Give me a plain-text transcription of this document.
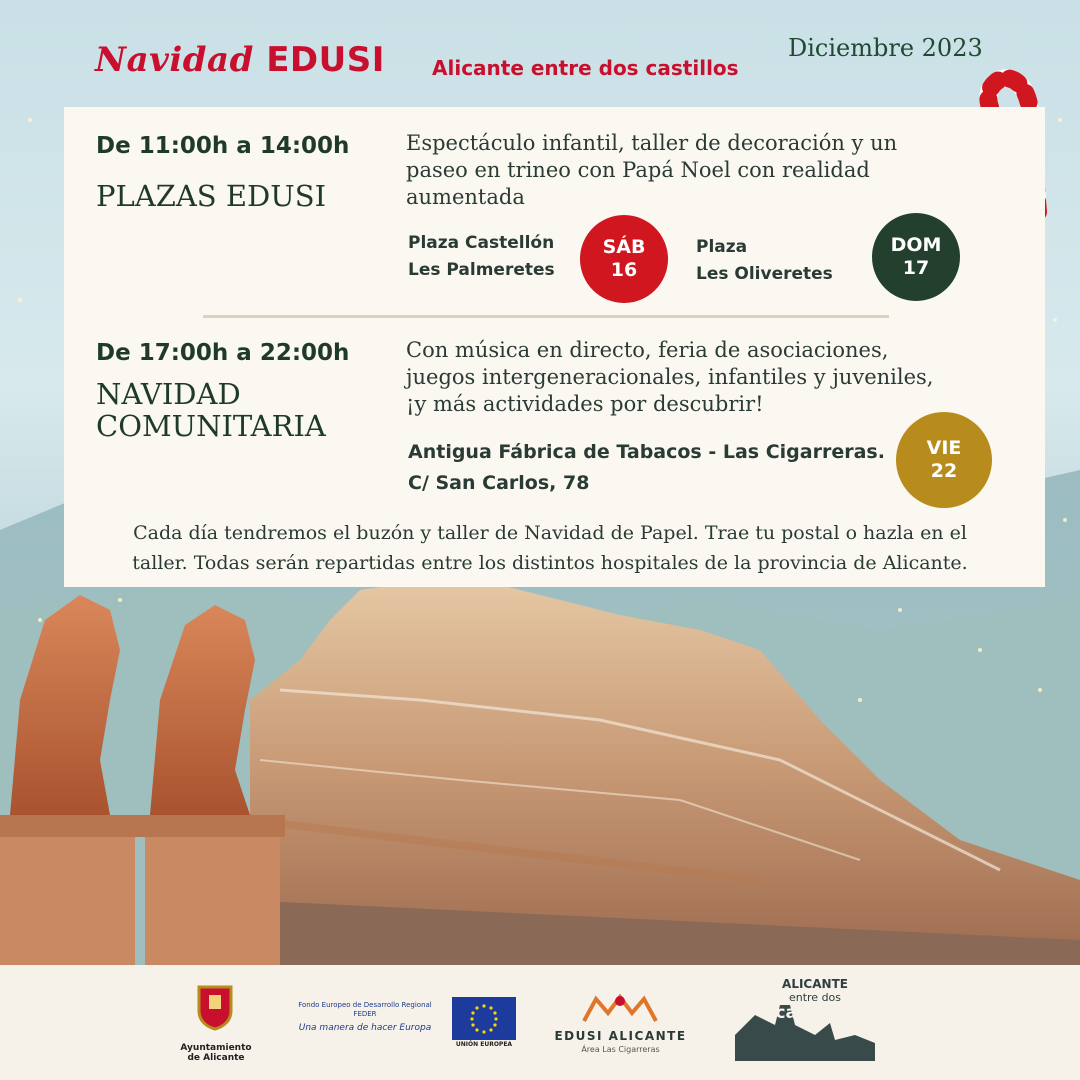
Navidad EDUSI Alicante entre dos castillos
Diciembre 2023
De 11:00h a 14:00h
PLAZAS EDUSI
Espectáculo infantil, taller de decoración y un
paseo en trineo con Papá Noel con realidad
aumentada
Plaza Castellón
Les Palmeretes
SÁB
16
Plaza
Les Oliveretes
DOM
17
De 17:00h a 22:00h
NAVIDAD
COMUNITARIA
Con música en directo, feria de asociaciones,
juegos intergeneracionales, infantiles y juveniles,
¡y más actividades por descubrir!
Antigua Fábrica de Tabacos - Las Cigarreras.
C/ San Carlos, 78
VIE
22
Cada día tendremos el buzón y taller de Navidad de Papel. Trae tu postal o hazla en el
taller. Todas serán repartidas entre los distintos hospitales de la provincia de Alicante.
Ayuntamiento
de Alicante
Fondo Europeo de Desarrollo Regional
FEDER
Una manera de hacer Europa
UNIÓN EUROPEA
EDUSI ALICANTE
Área Las Cigarreras
ALICANTE
entre dos
castillos
